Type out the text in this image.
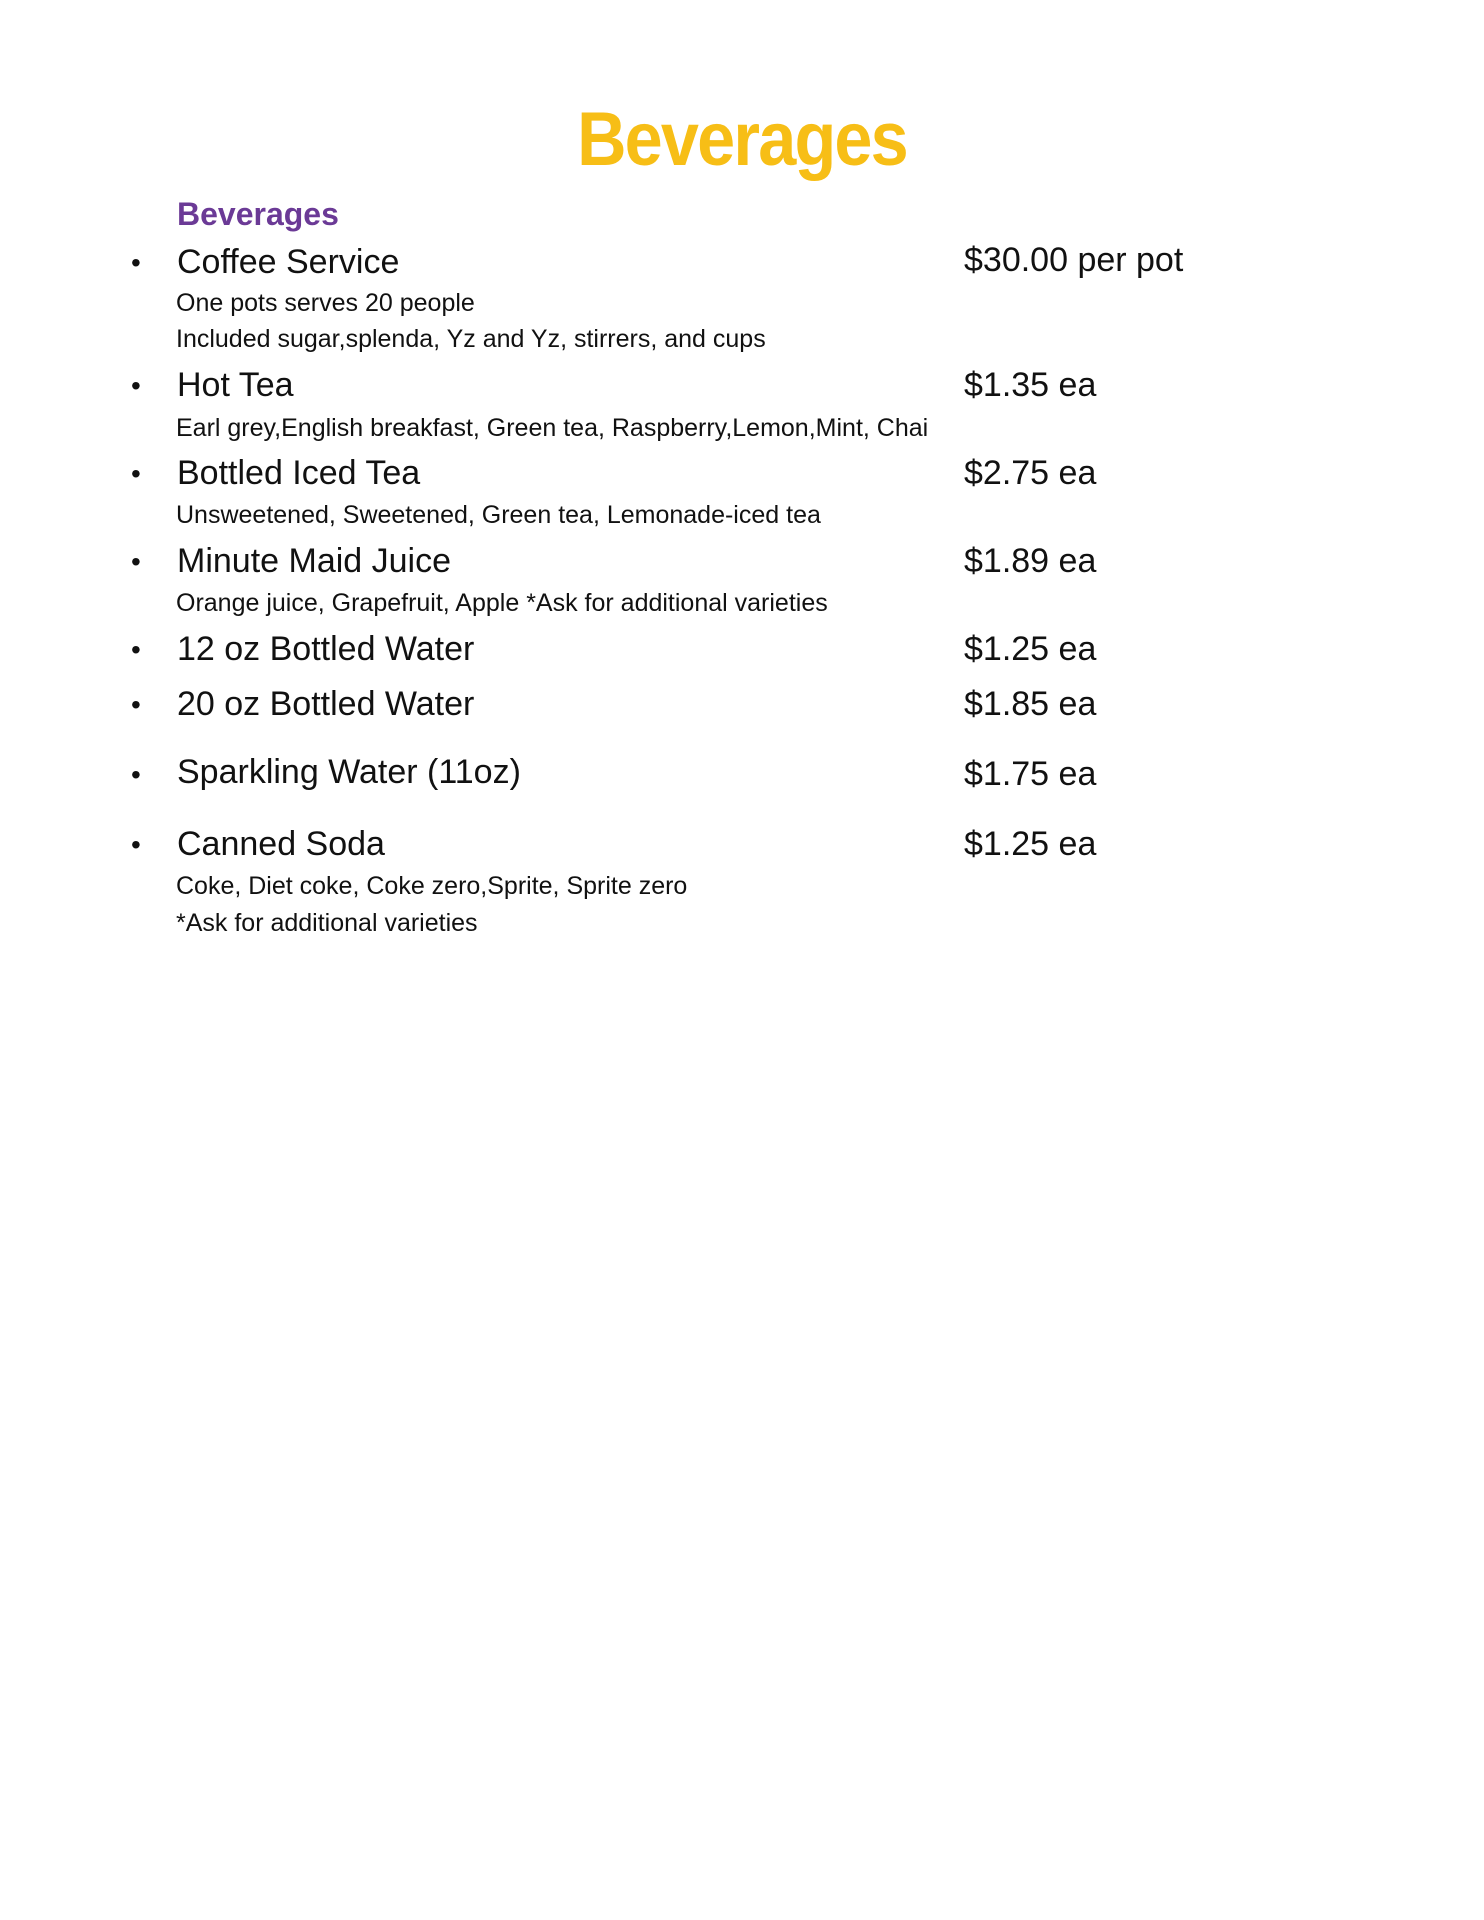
Beverages
Beverages
• Coffee Service	$30.00 per pot
One pots serves 20 people
Included sugar,splenda, Yz and Yz, stirrers, and cups
• Hot Tea	$1.35 ea
Earl grey,English breakfast, Green tea, Raspberry,Lemon,Mint, Chai
• Bottled Iced Tea	$2.75 ea
Unsweetened, Sweetened, Green tea, Lemonade-iced tea
• Minute Maid Juice	$1.89 ea
Orange juice, Grapefruit, Apple *Ask for additional varieties
• 12 oz Bottled Water	$1.25 ea
• 20 oz Bottled Water	$1.85 ea
• Sparkling Water (11oz)	$1.75 ea
• Canned Soda	$1.25 ea
Coke, Diet coke, Coke zero,Sprite, Sprite zero
*Ask for additional varieties
